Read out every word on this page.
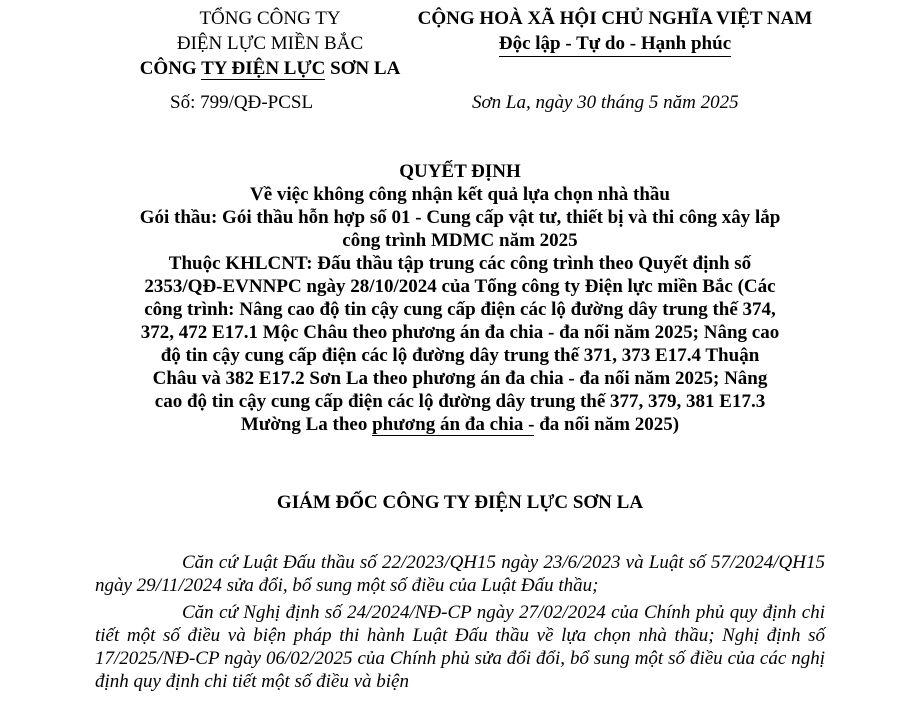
TỔNG CÔNG TY
ĐIỆN LỰC MIỀN BẮC
CÔNG TY ĐIỆN LỰC SƠN LA
CỘNG HOÀ XÃ HỘI CHỦ NGHĨA VIỆT NAM
Độc lập - Tự do - Hạnh phúc
Số: 799/QĐ-PCSL	Sơn La, ngày 30 tháng 5 năm 2025
QUYẾT ĐỊNH
Về việc không công nhận kết quả lựa chọn nhà thầu
Gói thầu: Gói thầu hỗn hợp số 01 - Cung cấp vật tư, thiết bị và thi công xây lắp
công trình MDMC năm 2025
Thuộc KHLCNT: Đấu thầu tập trung các công trình theo Quyết định số
2353/QĐ-EVNNPC ngày 28/10/2024 của Tổng công ty Điện lực miền Bắc (Các
công trình: Nâng cao độ tin cậy cung cấp điện các lộ đường dây trung thế 374,
372, 472 E17.1 Mộc Châu theo phương án đa chia - đa nối năm 2025; Nâng cao
độ tin cậy cung cấp điện các lộ đường dây trung thế 371, 373 E17.4 Thuận
Châu và 382 E17.2 Sơn La theo phương án đa chia - đa nối năm 2025; Nâng
cao độ tin cậy cung cấp điện các lộ đường dây trung thế 377, 379, 381 E17.3
Mường La theo phương án đa chia - đa nối năm 2025)
GIÁM ĐỐC CÔNG TY ĐIỆN LỰC SƠN LA

Căn cứ Luật Đấu thầu số 22/2023/QH15 ngày 23/6/2023 và Luật số 57/2024/QH15 ngày 29/11/2024 sửa đổi, bổ sung một số điều của Luật Đấu thầu;

Căn cứ Nghị định số 24/2024/NĐ-CP ngày 27/02/2024 của Chính phủ quy định chi tiết một số điều và biện pháp thi hành Luật Đấu thầu về lựa chọn nhà thầu; Nghị định số 17/2025/NĐ-CP ngày 06/02/2025 của Chính phủ sửa đổi đổi, bổ sung một số điều của các nghị định quy định chi tiết một số điều và biện
